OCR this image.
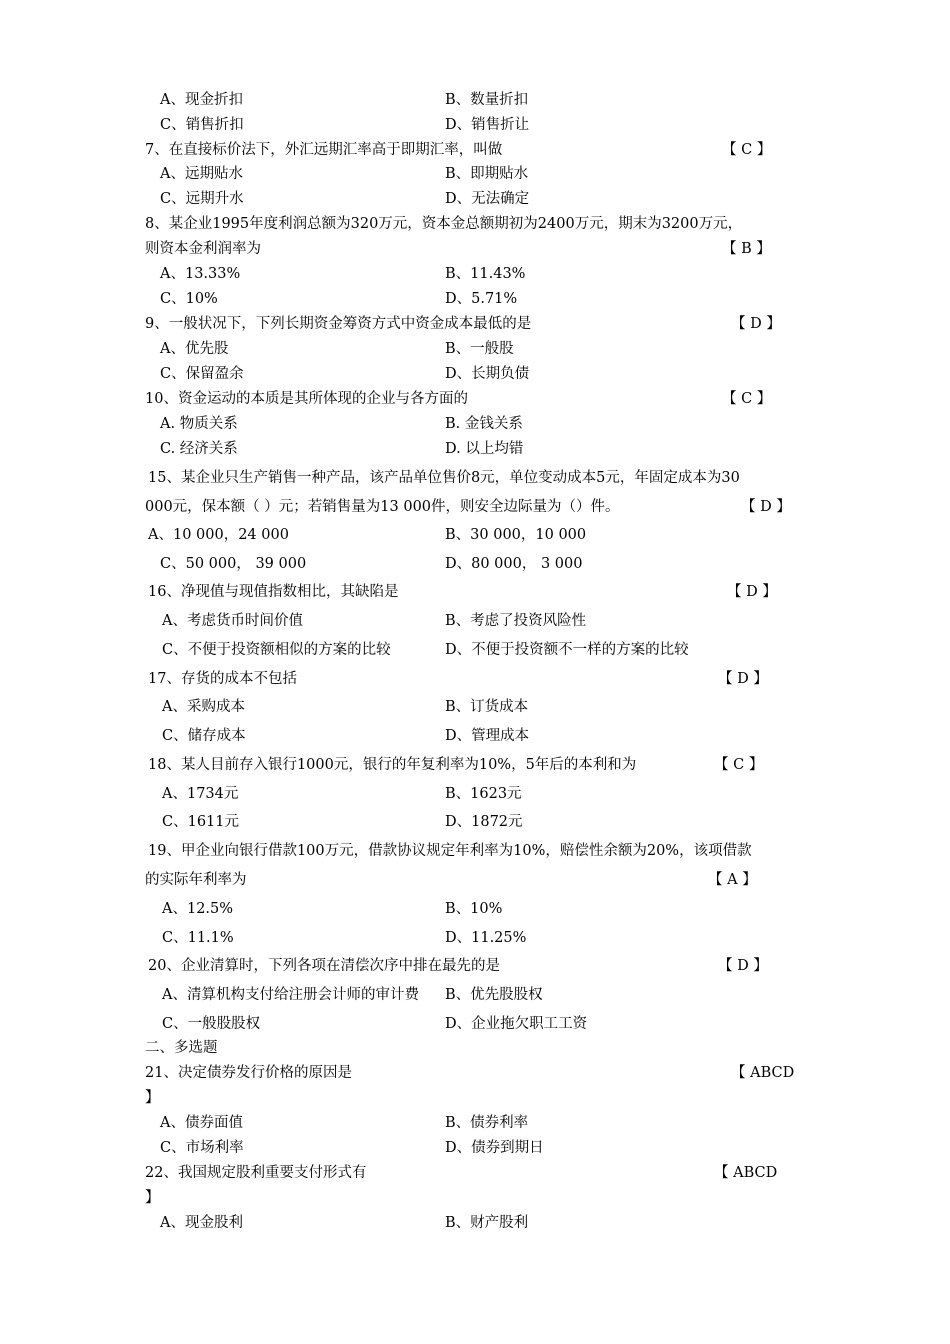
A、现金折扣	B、数量折扣
C、销售折扣	D、销售折让
7、在直接标价法下，外汇远期汇率高于即期汇率，叫做	【 C 】
A、远期贴水	B、即期贴水
C、远期升水	D、无法确定
8、某企业1995年度利润总额为320万元，资本金总额期初为2400万元，期末为3200万元，
则资本金利润率为	【 B 】
A、13.33%	B、11.43%
C、10%	D、5.71%
9、一般状况下，下列长期资金筹资方式中资金成本最低的是	【 D 】
A、优先股	B、一般股
C、保留盈余	D、长期负债
10、资金运动的本质是其所体现的企业与各方面的	【 C 】
A. 物质关系	B. 金钱关系
C. 经济关系	D. 以上均错
15、某企业只生产销售一种产品，该产品单位售价8元，单位变动成本5元，年固定成本为30
000元，保本额（ ）元；若销售量为13 000件，则安全边际量为（）件。	【 D 】
A、10 000，24 000	B、30 000，10 000
C、50 000， 39 000	D、80 000， 3 000
16、净现值与现值指数相比，其缺陷是	【 D 】
A、考虑货币时间价值	B、考虑了投资风险性
C、不便于投资额相似的方案的比较	D、不便于投资额不一样的方案的比较
17、存货的成本不包括	【 D 】
A、采购成本	B、订货成本
C、储存成本	D、管理成本
18、某人目前存入银行1000元，银行的年复利率为10%，5年后的本利和为	【 C 】
A、1734元	B、1623元
C、1611元	D、1872元
19、甲企业向银行借款100万元，借款协议规定年利率为10%，赔偿性余额为20%，该项借款
的实际年利率为	【 A 】
A、12.5%	B、10%
C、11.1%	D、11.25%
20、企业清算时，下列各项在清偿次序中排在最先的是	【 D 】
A、清算机构支付给注册会计师的审计费 B、优先股股权
C、一般股股权	D、企业拖欠职工工资
二、多选题
21、决定债券发行价格的原因是	【 ABCD
】
A、债券面值	B、债券利率
C、市场利率	D、债券到期日
22、我国规定股利重要支付形式有	【 ABCD
】
A、现金股利	B、财产股利
